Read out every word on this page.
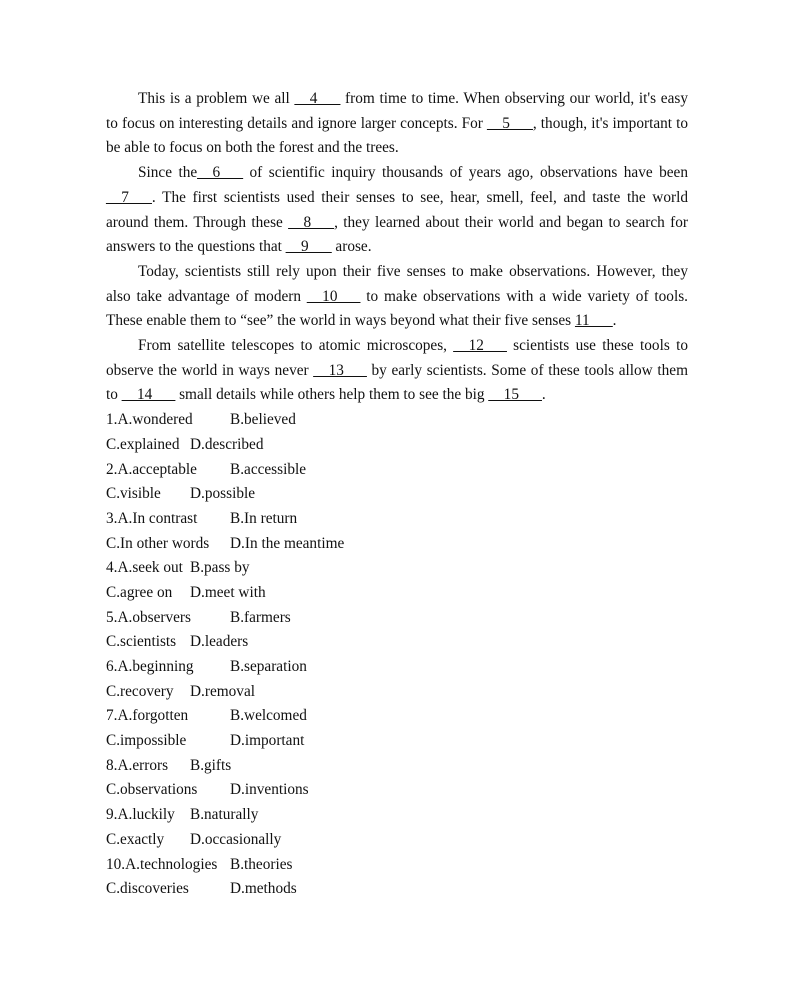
This is a problem we all __4___ from time to time. When observing our world, it's easy to focus on interesting details and ignore larger concepts. For __5___, though, it's important to be able to focus on both the forest and the trees.

Since the__6___ of scientific inquiry thousands of years ago, observations have been __7___. The first scientists used their senses to see, hear, smell, feel, and taste the world around them. Through these __8___, they learned about their world and began to search for answers to the questions that __9___ arose.

Today, scientists still rely upon their five senses to make observations. However, they also take advantage of modern __10___ to make observations with a wide variety of tools. These enable them to “see” the world in ways beyond what their five senses 11___.

From satellite telescopes to atomic microscopes, __12___ scientists use these tools to observe the world in ways never __13___ by early scientists. Some of these tools allow them to __14___ small details while others help them to see the big __15___.

1.A.wondered	B.believed
C.explained D.described
2.A.acceptable	B.accessible
C.visible	D.possible
3.A.In contrast	B.In return
C.In other words	D.In the meantime
4.A.seek out B.pass by
C.agree on	D.meet with
5.A.observers	B.farmers
C.scientists D.leaders
6.A.beginning	B.separation
C.recovery	D.removal
7.A.forgotten	B.welcomed
C.impossible	D.important
8.A.errors	B.gifts
C.observations	D.inventions
9.A.luckily B.naturally
C.exactly	D.occasionally
10.A.technologies B.theories
C.discoveries	D.methods
